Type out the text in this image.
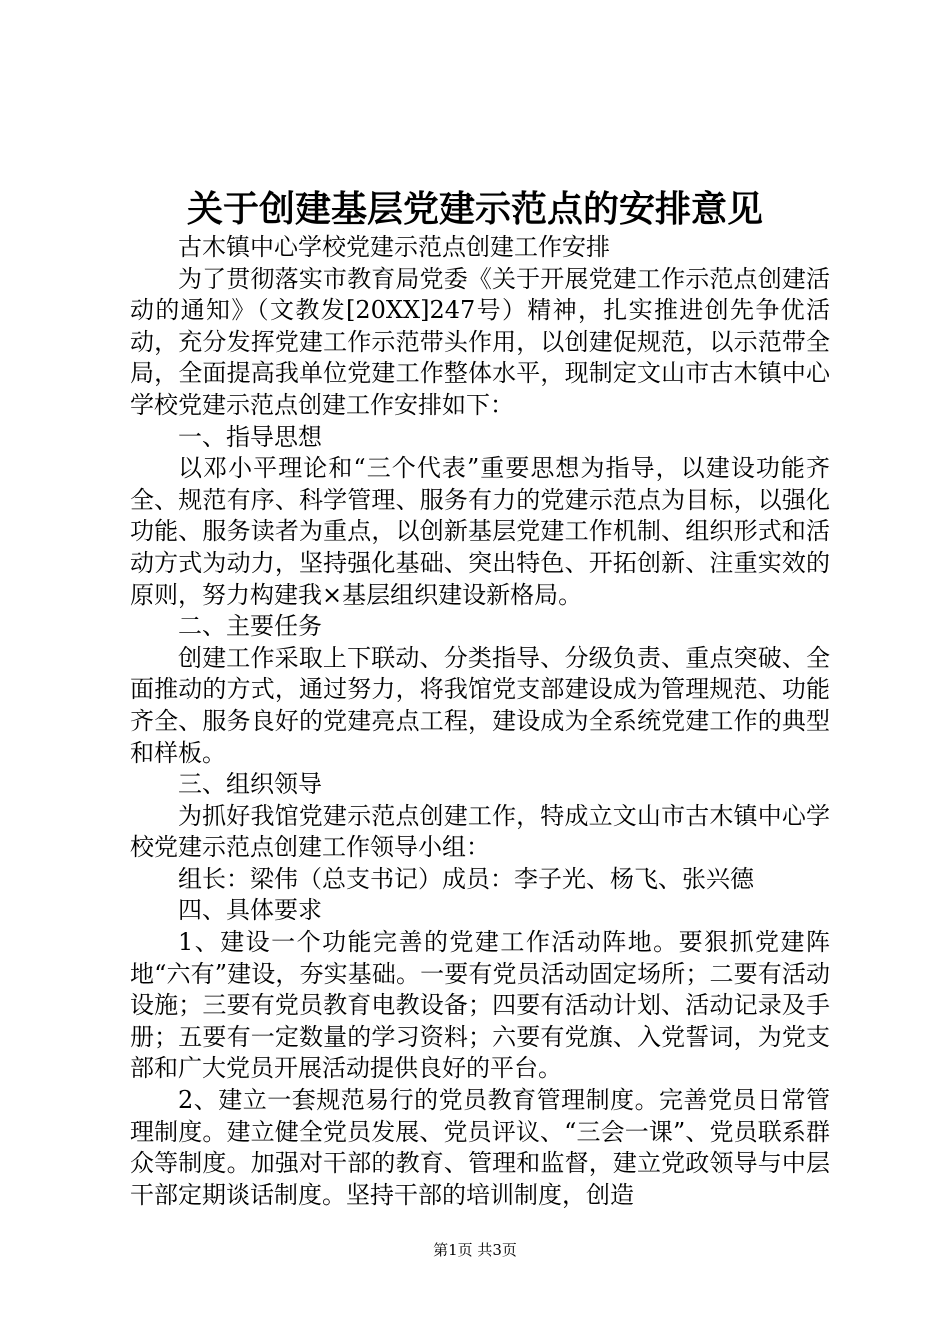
关于创建基层党建示范点的安排意见

古木镇中心学校党建示范点创建工作安排

为了贯彻落实市教育局党委《关于开展党建工作示范点创建活动的通知》（文教发[20XX]247号）精神，扎实推进创先争优活动，充分发挥党建工作示范带头作用，以创建促规范，以示范带全局，全面提高我单位党建工作整体水平，现制定文山市古木镇中心学校党建示范点创建工作安排如下：

一、指导思想

以邓小平理论和“三个代表”重要思想为指导，以建设功能齐全、规范有序、科学管理、服务有力的党建示范点为目标，以强化功能、服务读者为重点，以创新基层党建工作机制、组织形式和活动方式为动力，坚持强化基础、突出特色、开拓创新、注重实效的原则，努力构建我×基层组织建设新格局。

二、主要任务

创建工作采取上下联动、分类指导、分级负责、重点突破、全面推动的方式，通过努力，将我馆党支部建设成为管理规范、功能齐全、服务良好的党建亮点工程，建设成为全系统党建工作的典型和样板。

三、组织领导

为抓好我馆党建示范点创建工作，特成立文山市古木镇中心学校党建示范点创建工作领导小组：

组长：梁伟（总支书记）成员：李子光、杨飞、张兴德

四、具体要求

1、建设一个功能完善的党建工作活动阵地。要狠抓党建阵地“六有”建设，夯实基础。一要有党员活动固定场所；二要有活动设施；三要有党员教育电教设备；四要有活动计划、活动记录及手册；五要有一定数量的学习资料；六要有党旗、入党誓词，为党支部和广大党员开展活动提供良好的平台。

2、建立一套规范易行的党员教育管理制度。完善党员日常管理制度。建立健全党员发展、党员评议、“三会一课”、党员联系群众等制度。加强对干部的教育、管理和监督，建立党政领导与中层干部定期谈话制度。坚持干部的培训制度，创造

第1页 共3页
